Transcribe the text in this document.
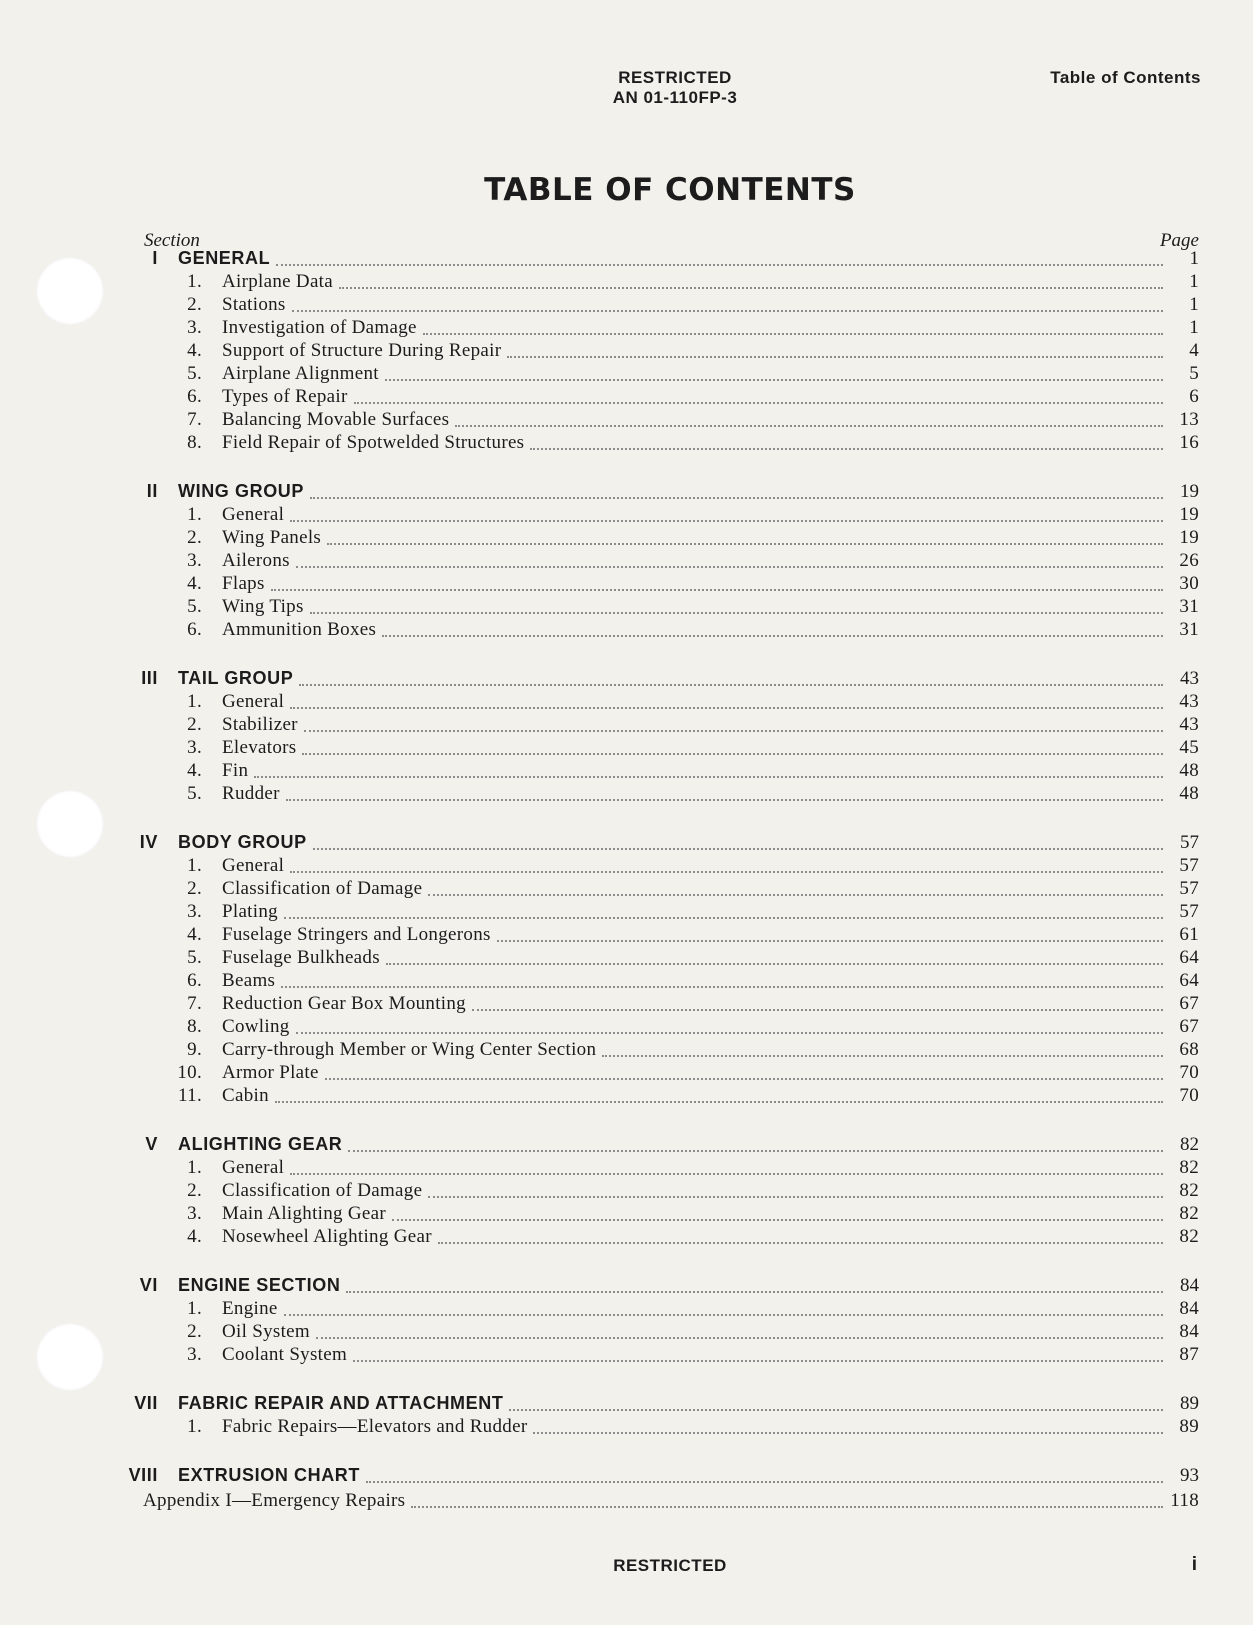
RESTRICTED
AN 01-110FP-3
Table of Contents
TABLE OF CONTENTS
Section	Page
I	GENERAL	1
1.	Airplane Data	1
2.	Stations	1
3.	Investigation of Damage	1
4.	Support of Structure During Repair	4
5.	Airplane Alignment	5
6.	Types of Repair	6
7.	Balancing Movable Surfaces	13
8.	Field Repair of Spotwelded Structures	16
II	WING GROUP	19
1.	General	19
2.	Wing Panels	19
3.	Ailerons	26
4.	Flaps	30
5.	Wing Tips	31
6.	Ammunition Boxes	31
III	TAIL GROUP	43
1.	General	43
2.	Stabilizer	43
3.	Elevators	45
4.	Fin	48
5.	Rudder	48
IV	BODY GROUP	57
1.	General	57
2.	Classification of Damage	57
3.	Plating	57
4.	Fuselage Stringers and Longerons	61
5.	Fuselage Bulkheads	64
6.	Beams	64
7.	Reduction Gear Box Mounting	67
8.	Cowling	67
9.	Carry-through Member or Wing Center Section	68
10.	Armor Plate	70
11.	Cabin	70
V	ALIGHTING GEAR	82
1.	General	82
2.	Classification of Damage	82
3.	Main Alighting Gear	82
4.	Nosewheel Alighting Gear	82
VI	ENGINE SECTION	84
1.	Engine	84
2.	Oil System	84
3.	Coolant System	87
VII	FABRIC REPAIR AND ATTACHMENT	89
1.	Fabric Repairs—Elevators and Rudder	89
VIII	EXTRUSION CHART	93
Appendix I—Emergency Repairs	118
RESTRICTED	i
